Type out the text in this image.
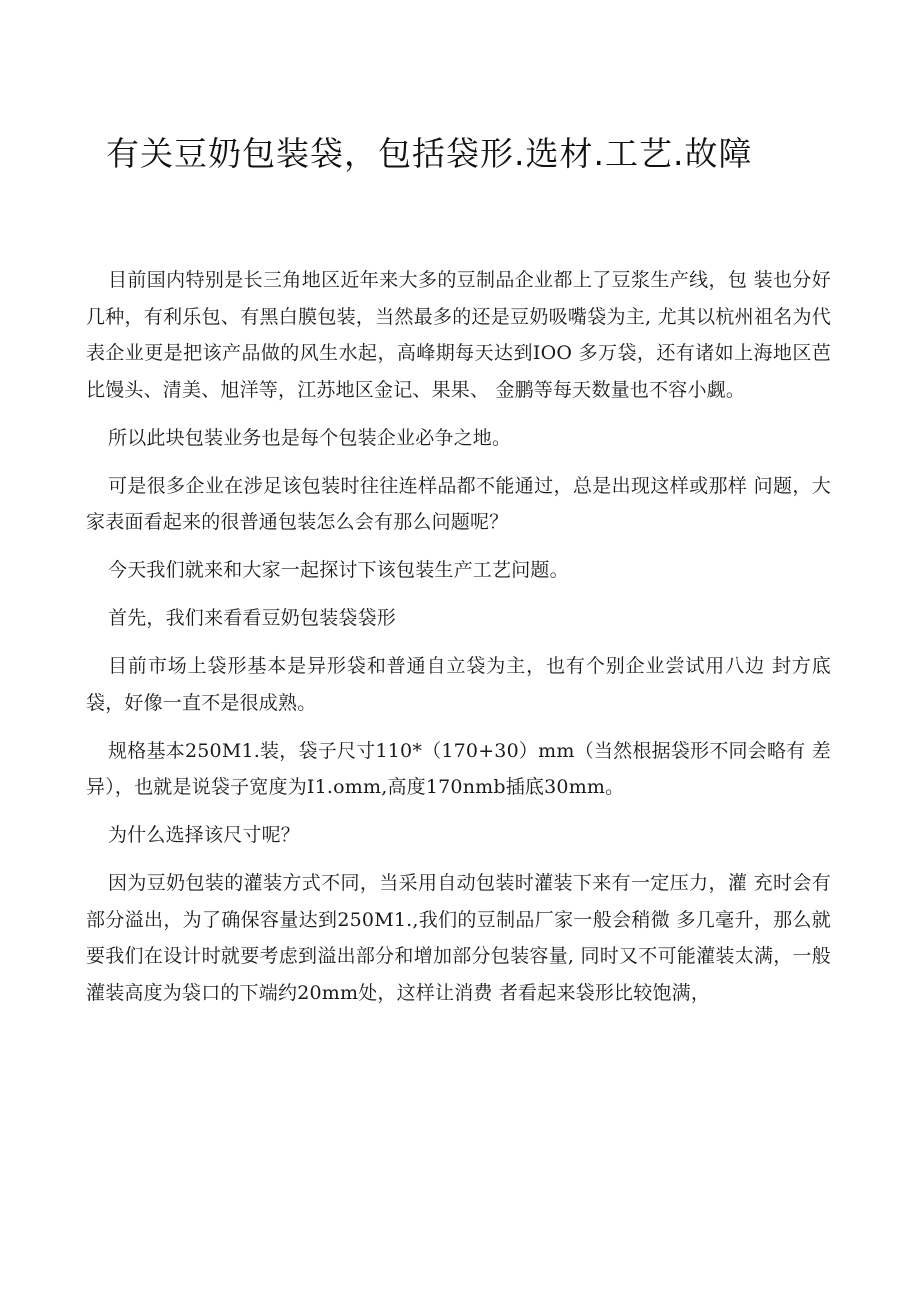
有关豆奶包装袋，包括袋形.选材.工艺.故障

目前国内特别是长三角地区近年来大多的豆制品企业都上了豆浆生产线，包 装也分好几种，有利乐包、有黑白膜包装，当然最多的还是豆奶吸嘴袋为主, 尤其以杭州祖名为代表企业更是把该产品做的风生水起，高峰期每天达到IOO 多万袋，还有诸如上海地区芭比馒头、清美、旭洋等，江苏地区金记、果果、 金鹏等每天数量也不容小觑。

所以此块包装业务也是每个包装企业必争之地。

可是很多企业在涉足该包装时往往连样品都不能通过，总是出现这样或那样 问题，大家表面看起来的很普通包装怎么会有那么问题呢？

今天我们就来和大家一起探讨下该包装生产工艺问题。

首先，我们来看看豆奶包装袋袋形

目前市场上袋形基本是异形袋和普通自立袋为主，也有个别企业尝试用八边 封方底袋，好像一直不是很成熟。

规格基本250M1.装，袋子尺寸110*（170+30）mm（当然根据袋形不同会略有 差异），也就是说袋子宽度为I1.omm,高度170nmb插底30mm。

为什么选择该尺寸呢？

因为豆奶包装的灌装方式不同，当采用自动包装时灌装下来有一定压力，灌 充时会有部分溢出，为了确保容量达到250M1.,我们的豆制品厂家一般会稍微 多几毫升，那么就要我们在设计时就要考虑到溢出部分和增加部分包装容量, 同时又不可能灌装太满，一般灌装高度为袋口的下端约20mm处，这样让消费 者看起来袋形比较饱满，
